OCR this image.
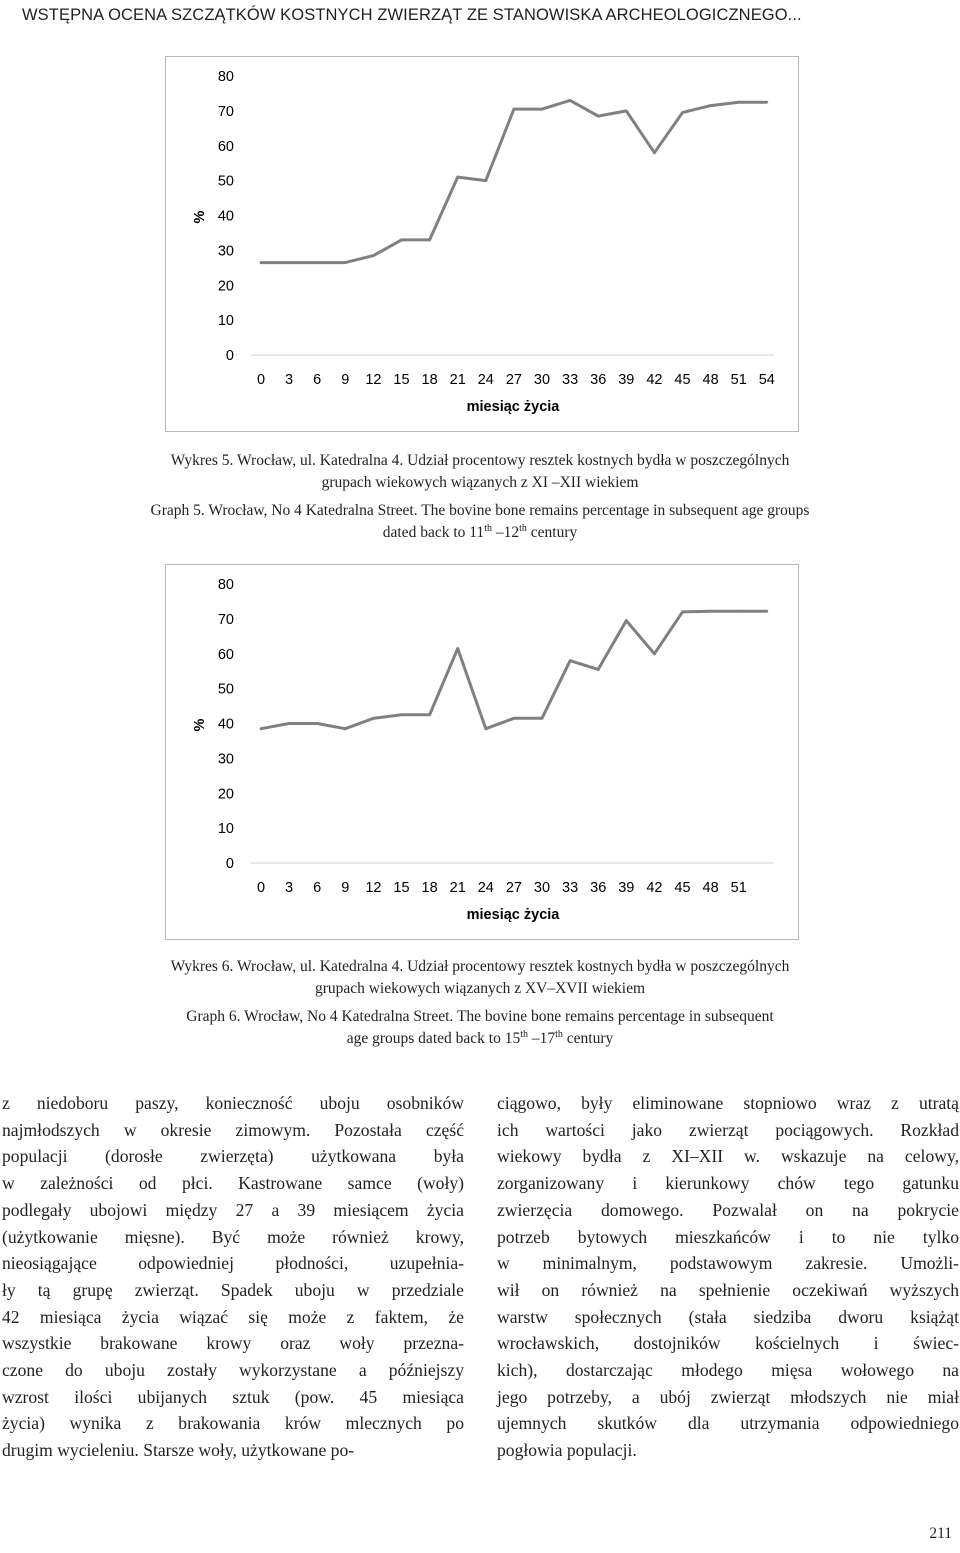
WSTĘPNA OCENA SZCZĄTKÓW KOSTNYCH ZWIERZĄT ZE STANOWISKA ARCHEOLOGICZNEGO...
0
10
20
30
40
50
60
70
80
0 3 6 9 12 15 18 21 24 27 30 33 36 39 42 45 48 51 54
%
miesiąc życia
Wykres 5. Wrocław, ul. Katedralna 4. Udział procentowy resztek kostnych bydła w poszczególnych
grupach wiekowych wiązanych z XI –XII wiekiem
Graph 5. Wrocław, No 4 Katedralna Street. The bovine bone remains percentage in subsequent age groups
dated back to 11th –12th century
0
10
20
30
40
50
60
70
80
0 3 6 9 12 15 18 21 24 27 30 33 36 39 42 45 48 51
%
miesiąc życia
Wykres 6. Wrocław, ul. Katedralna 4. Udział procentowy resztek kostnych bydła w poszczególnych
grupach wiekowych wiązanych z XV–XVII wiekiem
Graph 6. Wrocław, No 4 Katedralna Street. The bovine bone remains percentage in subsequent
age groups dated back to 15th –17th century
z niedoboru paszy, konieczność uboju osobników
najmłodszych w okresie zimowym. Pozostała część
populacji (dorosłe zwierzęta) użytkowana była
w zależności od płci. Kastrowane samce (woły)
podlegały ubojowi między 27 a 39 miesiącem życia
(użytkowanie mięsne). Być może również krowy,
nieosiągające odpowiedniej płodności, uzupełnia-
ły tą grupę zwierząt. Spadek uboju w przedziale
42 miesiąca życia wiązać się może z faktem, że
wszystkie brakowane krowy oraz woły przezna-
czone do uboju zostały wykorzystane a późniejszy
wzrost ilości ubijanych sztuk (pow. 45 miesiąca
życia) wynika z brakowania krów mlecznych po
drugim wycieleniu. Starsze woły, użytkowane po-
ciągowo, były eliminowane stopniowo wraz z utratą
ich wartości jako zwierząt pociągowych. Rozkład
wiekowy bydła z XI–XII w. wskazuje na celowy,
zorganizowany i kierunkowy chów tego gatunku
zwierzęcia domowego. Pozwalał on na pokrycie
potrzeb bytowych mieszkańców i to nie tylko
w minimalnym, podstawowym zakresie. Umożli-
wił on również na spełnienie oczekiwań wyższych
warstw społecznych (stała siedziba dworu książąt
wrocławskich, dostojników kościelnych i świec-
kich), dostarczając młodego mięsa wołowego na
jego potrzeby, a ubój zwierząt młodszych nie miał
ujemnych skutków dla utrzymania odpowiedniego
pogłowia populacji.
211
